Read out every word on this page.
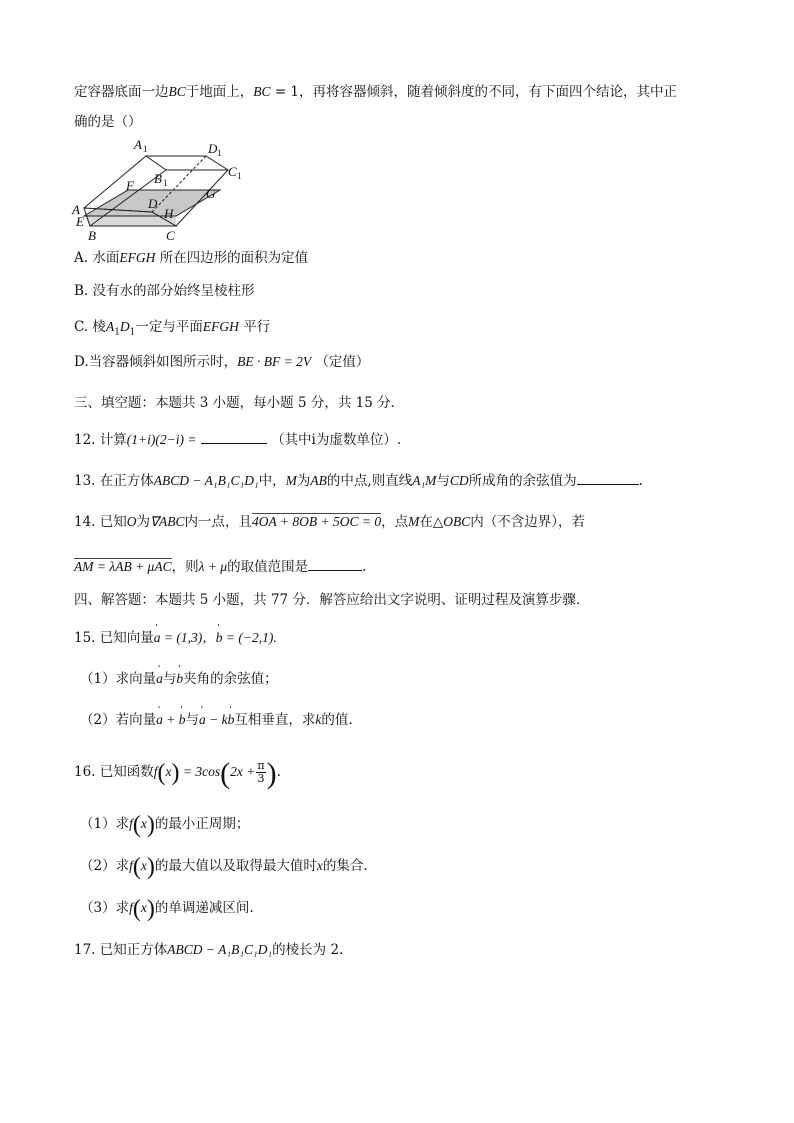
定容器底面一边BC于地面上，BC = 1，再将容器倾斜，随着倾斜度的不同，有下面四个结论，其中正
确的是（）
A 1	D 1
C 1
B 1
F
D
G
A
E
H
B	C
A. 水面EFGH 所在四边形的面积为定值
B. 没有水的部分始终呈棱柱形
C. 棱$A_1D_1$一定与平面EFGH 平行
D.当容器倾斜如图所示时，BE · BF = 2V （定值）
三、填空题：本题共 3 小题，每小题 5 分，共 15 分．
12. 计算(1+i)(2−i) =	（其中i为虚数单位）.
13. 在正方体ABCD − A₁B₁C₁D₁中，M为AB的中点,则直线A₁M与CD所成角的余弦值为	.
14. 已知O为∇ABC内一点，且4OA + 8OB + 5OC = 0，点M在△OBC内（不含边界），若
AM = λAB + μAC，则λ + μ的取值范围是	.
四、解答题：本题共 5 小题，共 77 分．解答应给出文字说明、证明过程及演算步骤．
15. 已知向量a ' = (1,3)，b ' = (−2,1).
（1）求向量a '与b '夹角的余弦值；
（2）若向量a ' + b '与a ' − kb '互相垂直，求k的值.
16. 已知函数$f(x) = 3\cos(2x + \frac{\pi}{3}$ ).
（1）求f(x)的最小正周期；
（2）求f(x)的最大值以及取得最大值时x的集合.
（3）求f(x)的单调递减区间.
17. 已知正方体ABCD − A₁B₁C₁D₁的棱长为 2.
